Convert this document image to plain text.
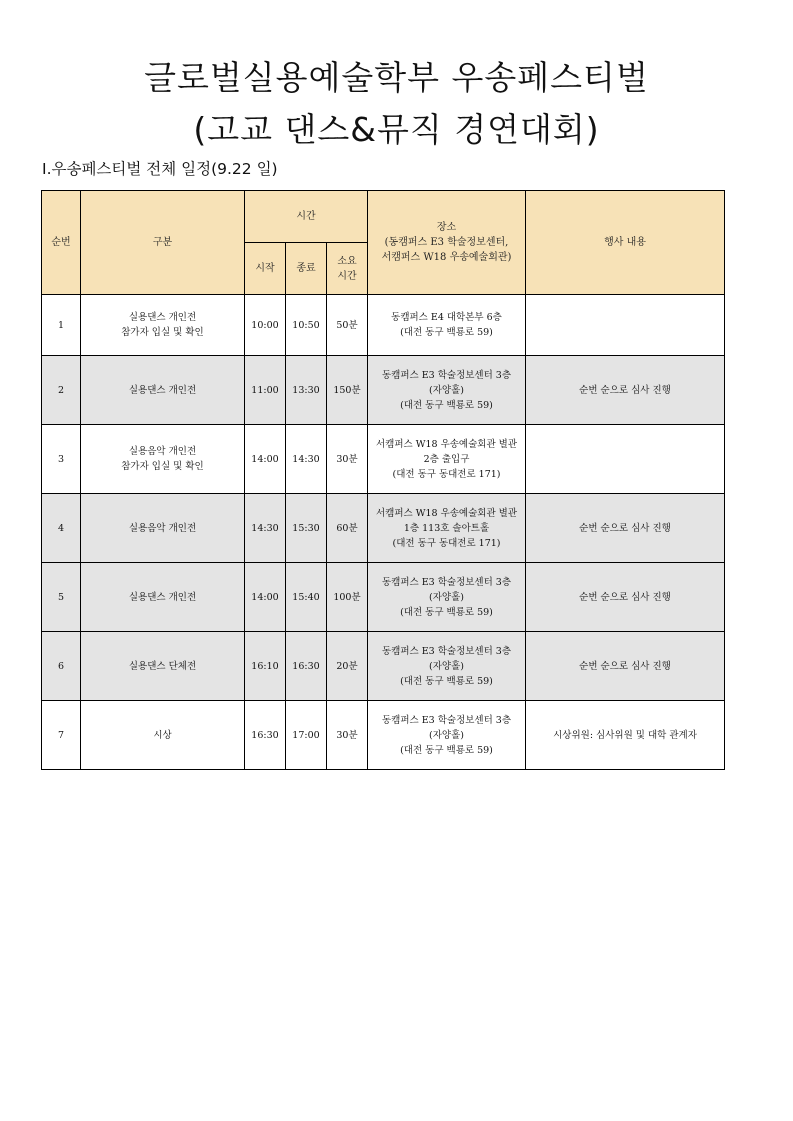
글로벌실용예술학부 우송페스티벌
(고교 댄스&뮤직 경연대회)

Ⅰ.우송페스티벌 전체 일정(9.22 일)

순번	구분	시간			장소
(동캠퍼스 E3 학술정보센터,
서캠퍼스 W18 우송예술회관)	행사 내용
		시작	종료	소요
시간		

1	실용댄스 개인전
참가자 입실 및 확인	10:00	10:50	50분	동캠퍼스 E4 대학본부 6층
(대전 동구 백룡로 59)	

2	실용댄스 개인전	11:00	13:30	150분	동캠퍼스 E3 학술정보센터 3층
(자양홀)
(대전 동구 백룡로 59)	순번 순으로 심사 진행
3	실용음악 개인전
참가자 입실 및 확인	14:00	14:30	30분	서캠퍼스 W18 우송예술회관 별관
2층 출입구
(대전 동구 동대전로 171)	

4	실용음악 개인전	14:30	15:30	60분	서캠퍼스 W18 우송예술회관 별관
1층 113호 솔아트홀
(대전 동구 동대전로 171)	순번 순으로 심사 진행
5	실용댄스 개인전	14:00	15:40	100분	동캠퍼스 E3 학술정보센터 3층
(자양홀)
(대전 동구 백룡로 59)	순번 순으로 심사 진행
6	실용댄스 단체전	16:10	16:30	20분	동캠퍼스 E3 학술정보센터 3층
(자양홀)
(대전 동구 백룡로 59)	순번 순으로 심사 진행
7	시상	16:30	17:00	30분	동캠퍼스 E3 학술정보센터 3층
(자양홀)
(대전 동구 백룡로 59)	시상위원: 심사위원 및 대학 관계자
